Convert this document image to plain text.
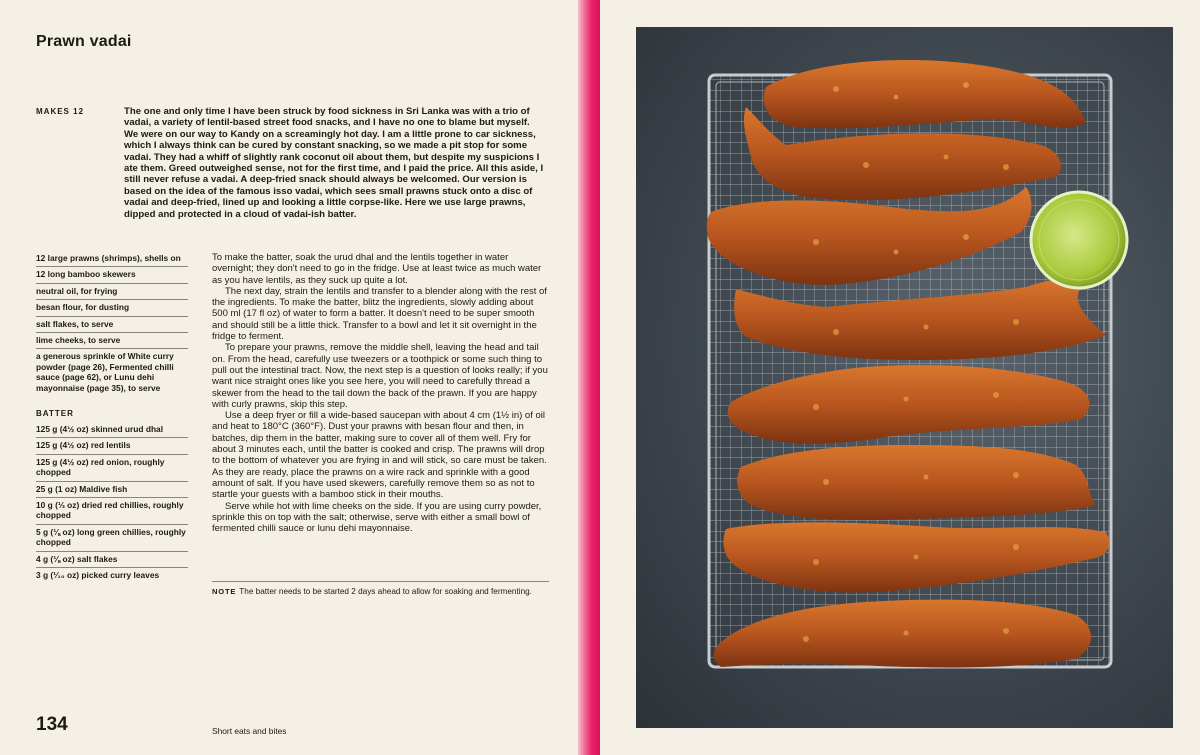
Prawn vadai
MAKES 12	The one and only time I have been struck by food sickness in Sri Lanka was with a trio of vadai, a variety of lentil-based street food snacks, and I have no one to blame but myself. We were on our way to Kandy on a screamingly hot day. I am a little prone to car sickness, which I always think can be cured by constant snacking, so we made a pit stop for some vadai. They had a whiff of slightly rank coconut oil about them, but despite my suspicions I ate them. Greed outweighed sense, not for the first time, and I paid the price. All this aside, I still never refuse a vadai. A deep-fried snack should always be welcomed. Our version is based on the idea of the famous isso vadai, which sees small prawns stuck onto a disc of vadai and deep-fried, lined up and looking a little corpse-like. Here we use large prawns, dipped and protected in a cloud of vadai-ish batter.

12 large prawns (shrimps), shells on
12 long bamboo skewers
neutral oil, for frying
besan flour, for dusting
salt flakes, to serve
lime cheeks, to serve
a generous sprinkle of White curry powder (page 26), Fermented chilli sauce (page 62), or Lunu dehi mayonnaise (page 35), to serve
BATTER
125 g (4½ oz) skinned urud dhal
125 g (4½ oz) red lentils
125 g (4½ oz) red onion, roughly chopped
25 g (1 oz) Maldive fish
10 g (⅓ oz) dried red chillies, roughly chopped
5 g (⅛ oz) long green chillies, roughly chopped
4 g (⅛ oz) salt flakes
3 g (¹⁄₁₀ oz) picked curry leaves

To make the batter, soak the urud dhal and the lentils together in water overnight; they don't need to go in the fridge. Use at least twice as much water as you have lentils, as they suck up quite a lot.

The next day, strain the lentils and transfer to a blender along with the rest of the ingredients. To make the batter, blitz the ingredients, slowly adding about 500 ml (17 fl oz) of water to form a batter. It doesn't need to be super smooth and should still be a little thick. Transfer to a bowl and let it sit overnight in the fridge to ferment.

To prepare your prawns, remove the middle shell, leaving the head and tail on. From the head, carefully use tweezers or a toothpick or some such thing to pull out the intestinal tract. Now, the next step is a question of looks really; if you want nice straight ones like you see here, you will need to carefully thread a skewer from the head to the tail down the back of the prawn. If you are happy with curly prawns, skip this step.

Use a deep fryer or fill a wide-based saucepan with about 4 cm (1½ in) of oil and heat to 180°C (360°F). Dust your prawns with besan flour and then, in batches, dip them in the batter, making sure to cover all of them well. Fry for about 3 minutes each, until the batter is cooked and crisp. The prawns will drop to the bottom of whatever you are frying in and will stick, so care must be taken. As they are ready, place the prawns on a wire rack and sprinkle with a good amount of salt. If you have used skewers, carefully remove them so as not to startle your guests with a bamboo stick in their mouths.

Serve while hot with lime cheeks on the side. If you are using curry powder, sprinkle this on top with the salt; otherwise, serve with either a small bowl of fermented chilli sauce or lunu dehi mayonnaise.

NOTE The batter needs to be started 2 days ahead to allow for soaking and fermenting.
134	Short eats and bites
